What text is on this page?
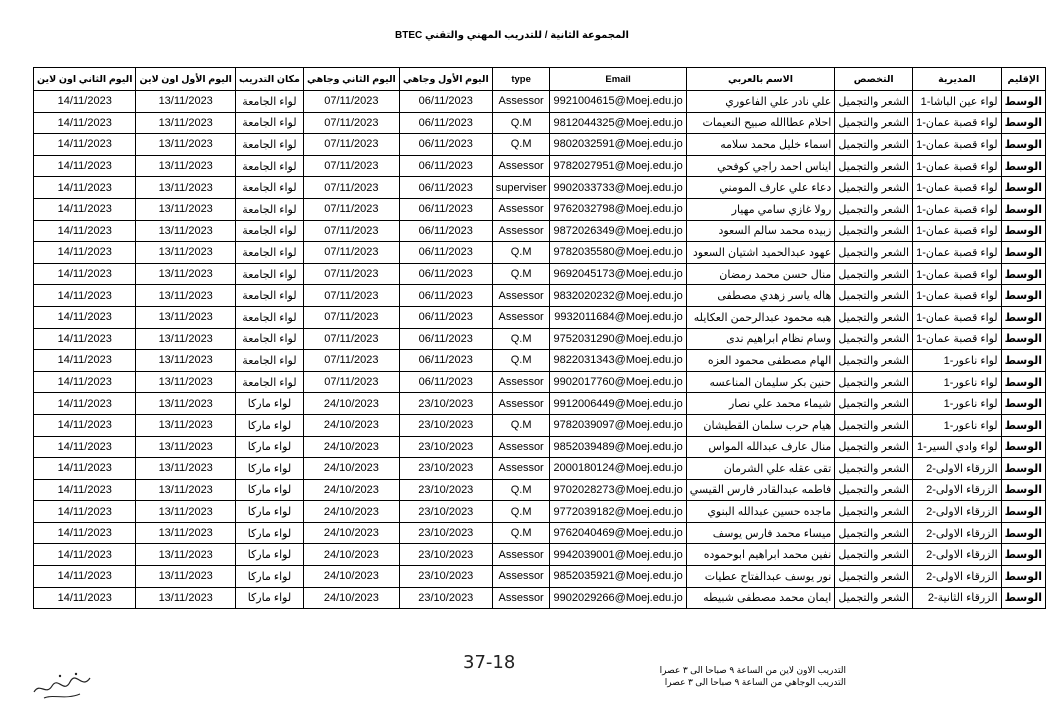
المجموعة الثانية / للتدريب المهني والتقني BTEC
الإقليم	المديرية	التخصص	الاسم بالعربي	Email	type	اليوم الأول وجاهي	اليوم الثاني وجاهي	مكان التدريب	اليوم الأول اون لاين	اليوم الثاني اون لاين
الوسط	لواء عين الباشا-1	الشعر والتجميل	علي نادر علي الفاعوري	9921004615@Moej.edu.jo	Assessor	06/11/2023	07/11/2023	لواء الجامعة	13/11/2023	14/11/2023
الوسط	لواء قصبة عمان-1	الشعر والتجميل	احلام عطاالله صبيح النعيمات	9812044325@Moej.edu.jo	Q.M	06/11/2023	07/11/2023	لواء الجامعة	13/11/2023	14/11/2023
الوسط	لواء قصبة عمان-1	الشعر والتجميل	اسماء خليل محمد سلامه	9802032591@Moej.edu.jo	Q.M	06/11/2023	07/11/2023	لواء الجامعة	13/11/2023	14/11/2023
الوسط	لواء قصبة عمان-1	الشعر والتجميل	ايناس احمد راجي كوفحي	9782027951@Moej.edu.jo	Assessor	06/11/2023	07/11/2023	لواء الجامعة	13/11/2023	14/11/2023
الوسط	لواء قصبة عمان-1	الشعر والتجميل	دعاء علي عارف المومني	9902033733@Moej.edu.jo	superviser	06/11/2023	07/11/2023	لواء الجامعة	13/11/2023	14/11/2023
الوسط	لواء قصبة عمان-1	الشعر والتجميل	رولا غازي سامي مهيار	9762032798@Moej.edu.jo	Assessor	06/11/2023	07/11/2023	لواء الجامعة	13/11/2023	14/11/2023
الوسط	لواء قصبة عمان-1	الشعر والتجميل	زبيده محمد سالم السعود	9872026349@Moej.edu.jo	Assessor	06/11/2023	07/11/2023	لواء الجامعة	13/11/2023	14/11/2023
الوسط	لواء قصبة عمان-1	الشعر والتجميل	عهود عبدالحميد اشتيان السعود	9782035580@Moej.edu.jo	Q.M	06/11/2023	07/11/2023	لواء الجامعة	13/11/2023	14/11/2023
الوسط	لواء قصبة عمان-1	الشعر والتجميل	منال حسن محمد رمضان	9692045173@Moej.edu.jo	Q.M	06/11/2023	07/11/2023	لواء الجامعة	13/11/2023	14/11/2023
الوسط	لواء قصبة عمان-1	الشعر والتجميل	هاله ياسر زهدي مصطفى	9832020232@Moej.edu.jo	Assessor	06/11/2023	07/11/2023	لواء الجامعة	13/11/2023	14/11/2023
الوسط	لواء قصبة عمان-1	الشعر والتجميل	هبه محمود عبدالرحمن العكايله	9932011684@Moej.edu.jo	Assessor	06/11/2023	07/11/2023	لواء الجامعة	13/11/2023	14/11/2023
الوسط	لواء قصبة عمان-1	الشعر والتجميل	وسام نظام ابراهيم ندى	9752031290@Moej.edu.jo	Q.M	06/11/2023	07/11/2023	لواء الجامعة	13/11/2023	14/11/2023
الوسط	لواء ناعور-1	الشعر والتجميل	الهام مصطفى محمود العزه	9822031343@Moej.edu.jo	Q.M	06/11/2023	07/11/2023	لواء الجامعة	13/11/2023	14/11/2023
الوسط	لواء ناعور-1	الشعر والتجميل	حنين بكر سليمان المناعسه	9902017760@Moej.edu.jo	Assessor	06/11/2023	07/11/2023	لواء الجامعة	13/11/2023	14/11/2023
الوسط	لواء ناعور-1	الشعر والتجميل	شيماء محمد علي نصار	9912006449@Moej.edu.jo	Assessor	23/10/2023	24/10/2023	لواء ماركا	13/11/2023	14/11/2023
الوسط	لواء ناعور-1	الشعر والتجميل	هيام حرب سلمان القطيشان	9782039097@Moej.edu.jo	Q.M	23/10/2023	24/10/2023	لواء ماركا	13/11/2023	14/11/2023
الوسط	لواء وادي السير-1	الشعر والتجميل	منال عارف عبدالله المواس	9852039489@Moej.edu.jo	Assessor	23/10/2023	24/10/2023	لواء ماركا	13/11/2023	14/11/2023
الوسط	الزرقاء الاولى-2	الشعر والتجميل	تقى عقله علي الشرمان	2000180124@Moej.edu.jo	Assessor	23/10/2023	24/10/2023	لواء ماركا	13/11/2023	14/11/2023
الوسط	الزرقاء الاولى-2	الشعر والتجميل	فاطمه عبدالقادر فارس القيسي	9702028273@Moej.edu.jo	Q.M	23/10/2023	24/10/2023	لواء ماركا	13/11/2023	14/11/2023
الوسط	الزرقاء الاولى-2	الشعر والتجميل	ماجده حسين عبدالله البنوي	9772039182@Moej.edu.jo	Q.M	23/10/2023	24/10/2023	لواء ماركا	13/11/2023	14/11/2023
الوسط	الزرقاء الاولى-2	الشعر والتجميل	ميساء محمد فارس يوسف	9762040469@Moej.edu.jo	Q.M	23/10/2023	24/10/2023	لواء ماركا	13/11/2023	14/11/2023
الوسط	الزرقاء الاولى-2	الشعر والتجميل	نفين محمد ابراهيم ابوحموده	9942039001@Moej.edu.jo	Assessor	23/10/2023	24/10/2023	لواء ماركا	13/11/2023	14/11/2023
الوسط	الزرقاء الاولى-2	الشعر والتجميل	نور يوسف عبدالفتاح عطيات	9852035921@Moej.edu.jo	Assessor	23/10/2023	24/10/2023	لواء ماركا	13/11/2023	14/11/2023
الوسط	الزرقاء الثانية-2	الشعر والتجميل	ايمان محمد مصطفى شبيطه	9902029266@Moej.edu.jo	Assessor	23/10/2023	24/10/2023	لواء ماركا	13/11/2023	14/11/2023
37-18	التدريب الاون لاين من الساعة ٩ صباحا الى ٣ عصرا
التدريب الوجاهي من الساعة ٩ صباحا الى ٣ عصرا
